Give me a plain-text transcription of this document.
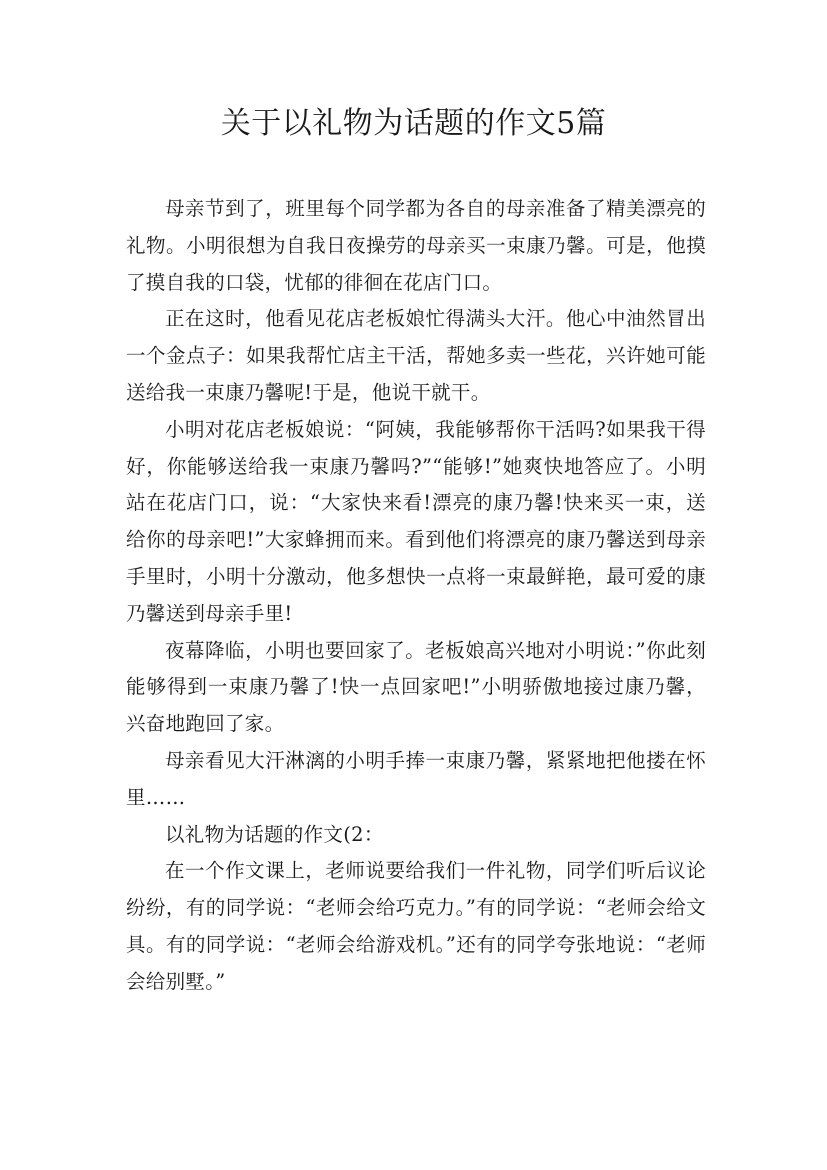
关于以礼物为话题的作文5篇

母亲节到了，班里每个同学都为各自的母亲准备了精美漂亮的礼物。小明很想为自我日夜操劳的母亲买一束康乃馨。可是，他摸了摸自我的口袋，忧郁的徘徊在花店门口。

正在这时，他看见花店老板娘忙得满头大汗。他心中油然冒出一个金点子：如果我帮忙店主干活，帮她多卖一些花，兴许她可能送给我一束康乃馨呢!于是，他说干就干。

小明对花店老板娘说：“阿姨，我能够帮你干活吗?如果我干得好，你能够送给我一束康乃馨吗?”“能够!”她爽快地答应了。小明站在花店门口，说：“大家快来看!漂亮的康乃馨!快来买一束，送给你的母亲吧!”大家蜂拥而来。看到他们将漂亮的康乃馨送到母亲手里时，小明十分激动，他多想快一点将一束最鲜艳，最可爱的康乃馨送到母亲手里!

夜幕降临，小明也要回家了。老板娘高兴地对小明说：”你此刻能够得到一束康乃馨了!快一点回家吧!”小明骄傲地接过康乃馨，兴奋地跑回了家。

母亲看见大汗淋漓的小明手捧一束康乃馨，紧紧地把他搂在怀里……

以礼物为话题的作文(2：

在一个作文课上，老师说要给我们一件礼物，同学们听后议论纷纷，有的同学说：“老师会给巧克力。”有的同学说：“老师会给文具。有的同学说：“老师会给游戏机。”还有的同学夸张地说：“老师会给别墅。”
